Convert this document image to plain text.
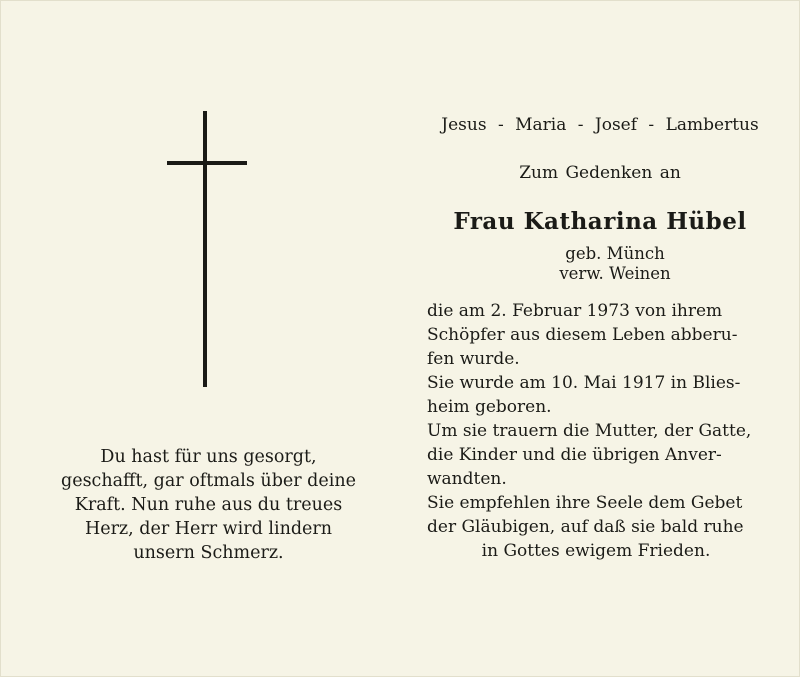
Du hast für uns gesorgt,
geschafft, gar oftmals über deine
Kraft. Nun ruhe aus du treues
Herz, der Herr wird lindern
unsern Schmerz.
Jesus - Maria - Josef - Lambertus
Zum Gedenken an
Frau Katharina Hübel
geb. Münch
verw. Weinen

die am 2. Februar 1973 von ihrem

Schöpfer aus diesem Leben abberu-

fen wurde.

Sie wurde am 10. Mai 1917 in Blies-

heim geboren.

Um sie trauern die Mutter, der Gatte,

die Kinder und die übrigen Anver-

wandten.

Sie empfehlen ihre Seele dem Gebet

der Gläubigen, auf daß sie bald ruhe

in Gottes ewigem Frieden.
